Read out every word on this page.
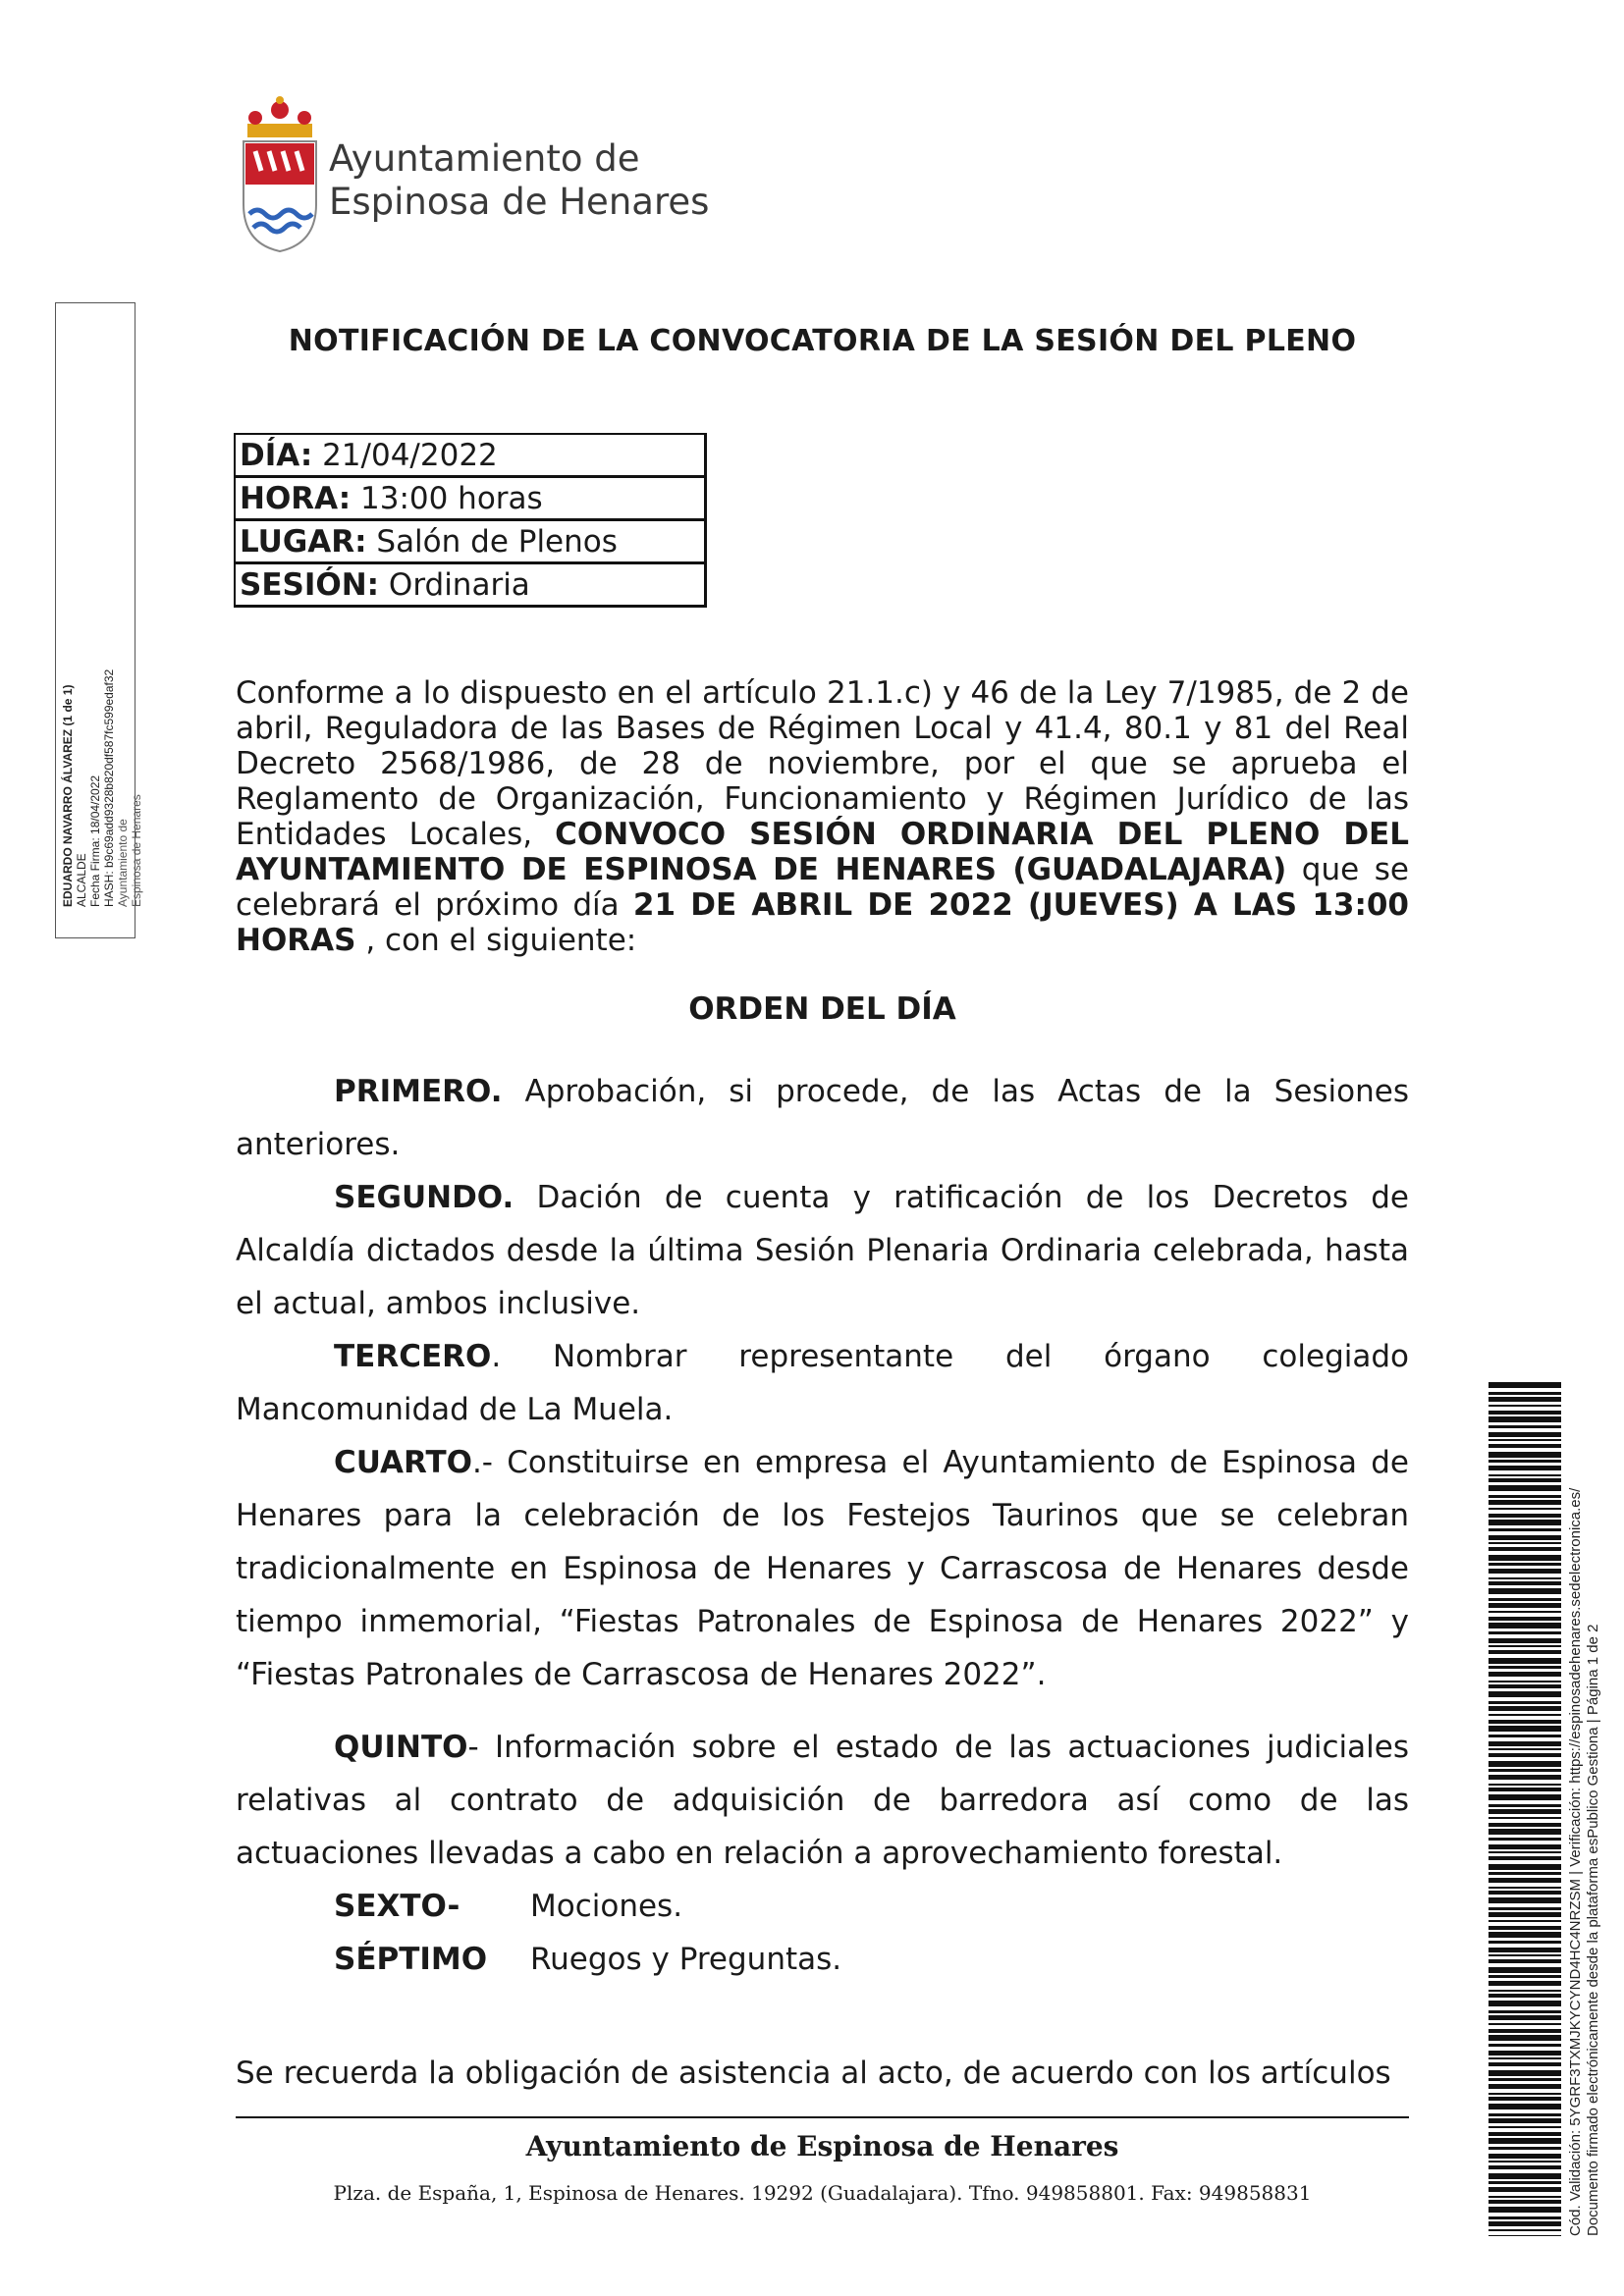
Ayuntamiento de
Espinosa de Henares
NOTIFICACIÓN DE LA CONVOCATORIA DE LA SESIÓN DEL PLENO
DÍA: 21/04/2022
HORA: 13:00 horas
LUGAR: Salón de Plenos
SESIÓN: Ordinaria
Conforme a lo dispuesto en el artículo 21.1.c) y 46 de la Ley 7/1985, de 2 de abril, Reguladora de las Bases de Régimen Local y 41.4, 80.1 y 81 del Real Decreto 2568/1986, de 28 de noviembre, por el que se aprueba el Reglamento de Organización, Funcionamiento y Régimen Jurídico de las Entidades Locales, CONVOCO SESIÓN ORDINARIA DEL PLENO DEL AYUNTAMIENTO DE ESPINOSA DE HENARES (GUADALAJARA) que se celebrará el próximo día 21 DE ABRIL DE 2022 (JUEVES) A LAS 13:00 HORAS , con el siguiente:
ORDEN DEL DÍA
PRIMERO. Aprobación, si procede, de las Actas de la Sesiones anteriores.
SEGUNDO. Dación de cuenta y ratificación de los Decretos de Alcaldía dictados desde la última Sesión Plenaria Ordinaria celebrada, hasta el actual, ambos inclusive.
TERCERO. Nombrar representante del órgano colegiado Mancomunidad de La Muela.
CUARTO.- Constituirse en empresa el Ayuntamiento de Espinosa de Henares para la celebración de los Festejos Taurinos que se celebran tradicionalmente en Espinosa de Henares y Carrascosa de Henares desde tiempo inmemorial, “Fiestas Patronales de Espinosa de Henares 2022” y “Fiestas Patronales de Carrascosa de Henares 2022”.
QUINTO- Información sobre el estado de las actuaciones judiciales relativas al contrato de adquisición de barredora así como de las actuaciones llevadas a cabo en relación a aprovechamiento forestal.
SEXTO- Mociones.
SÉPTIMO Ruegos y Preguntas.
Se recuerda la obligación de asistencia al acto, de acuerdo con los artículos
Ayuntamiento de Espinosa de Henares
Plza. de España, 1, Espinosa de Henares. 19292 (Guadalajara). Tfno. 949858801. Fax: 949858831
EDUARDO NAVARRO ÁLVAREZ (1 de 1) ALCALDE Fecha Firma: 18/04/2022 HASH: b9c69add9328b820df587fc599edaf32 Ayuntamiento de Espinosa de Henares
Cód. Validación: 5YGRF3TXMJKYCYND4HC4NRZSM | Verificación: https://espinosadehenares.sedelectronica.es/ Documento firmado electrónicamente desde la plataforma esPublico Gestiona | Página 1 de 2
